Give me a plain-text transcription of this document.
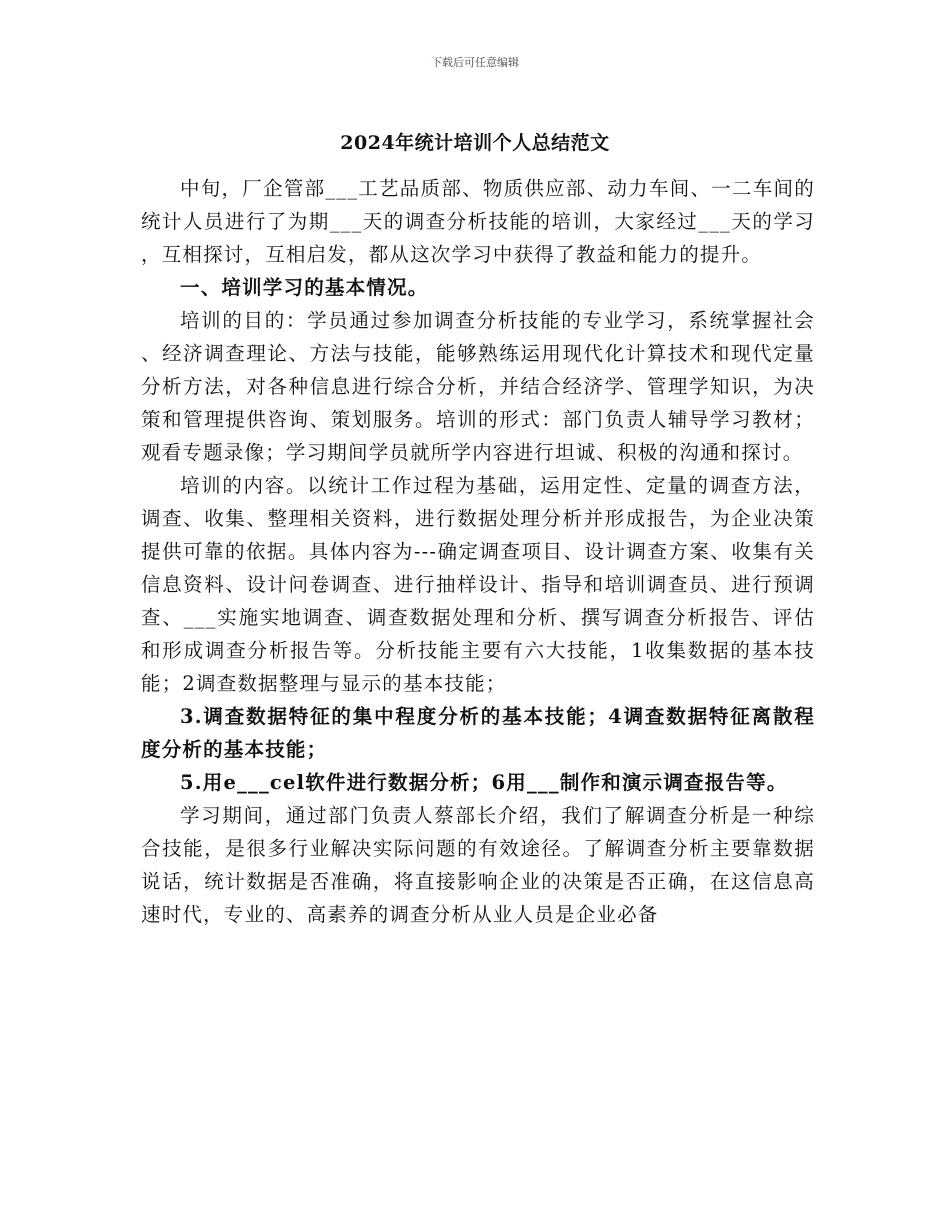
下载后可任意编辑
2024年统计培训个人总结范文

中旬，厂企管部___工艺品质部、物质供应部、动力车间、一二车间的统计人员进行了为期___天的调查分析技能的培训，大家经过___天的学习，互相探讨，互相启发，都从这次学习中获得了教益和能力的提升。

一、培训学习的基本情况。

培训的目的：学员通过参加调查分析技能的专业学习，系统掌握社会、经济调查理论、方法与技能，能够熟练运用现代化计算技术和现代定量分析方法，对各种信息进行综合分析，并结合经济学、管理学知识，为决策和管理提供咨询、策划服务。培训的形式：部门负责人辅导学习教材；观看专题录像；学习期间学员就所学内容进行坦诚、积极的沟通和探讨。

培训的内容。以统计工作过程为基础，运用定性、定量的调查方法，调查、收集、整理相关资料，进行数据处理分析并形成报告，为企业决策提供可靠的依据。具体内容为---确定调查项目、设计调查方案、收集有关信息资料、设计问卷调查、进行抽样设计、指导和培训调查员、进行预调查、___实施实地调查、调查数据处理和分析、撰写调查分析报告、评估和形成调查分析报告等。分析技能主要有六大技能，1收集数据的基本技能；2调查数据整理与显示的基本技能；

3.调查数据特征的集中程度分析的基本技能；4调查数据特征离散程度分析的基本技能；

5.用e___cel软件进行数据分析；6用___制作和演示调查报告等。

学习期间，通过部门负责人蔡部长介绍，我们了解调查分析是一种综合技能，是很多行业解决实际问题的有效途径。了解调查分析主要靠数据说话，统计数据是否准确，将直接影响企业的决策是否正确，在这信息高速时代，专业的、高素养的调查分析从业人员是企业必备
